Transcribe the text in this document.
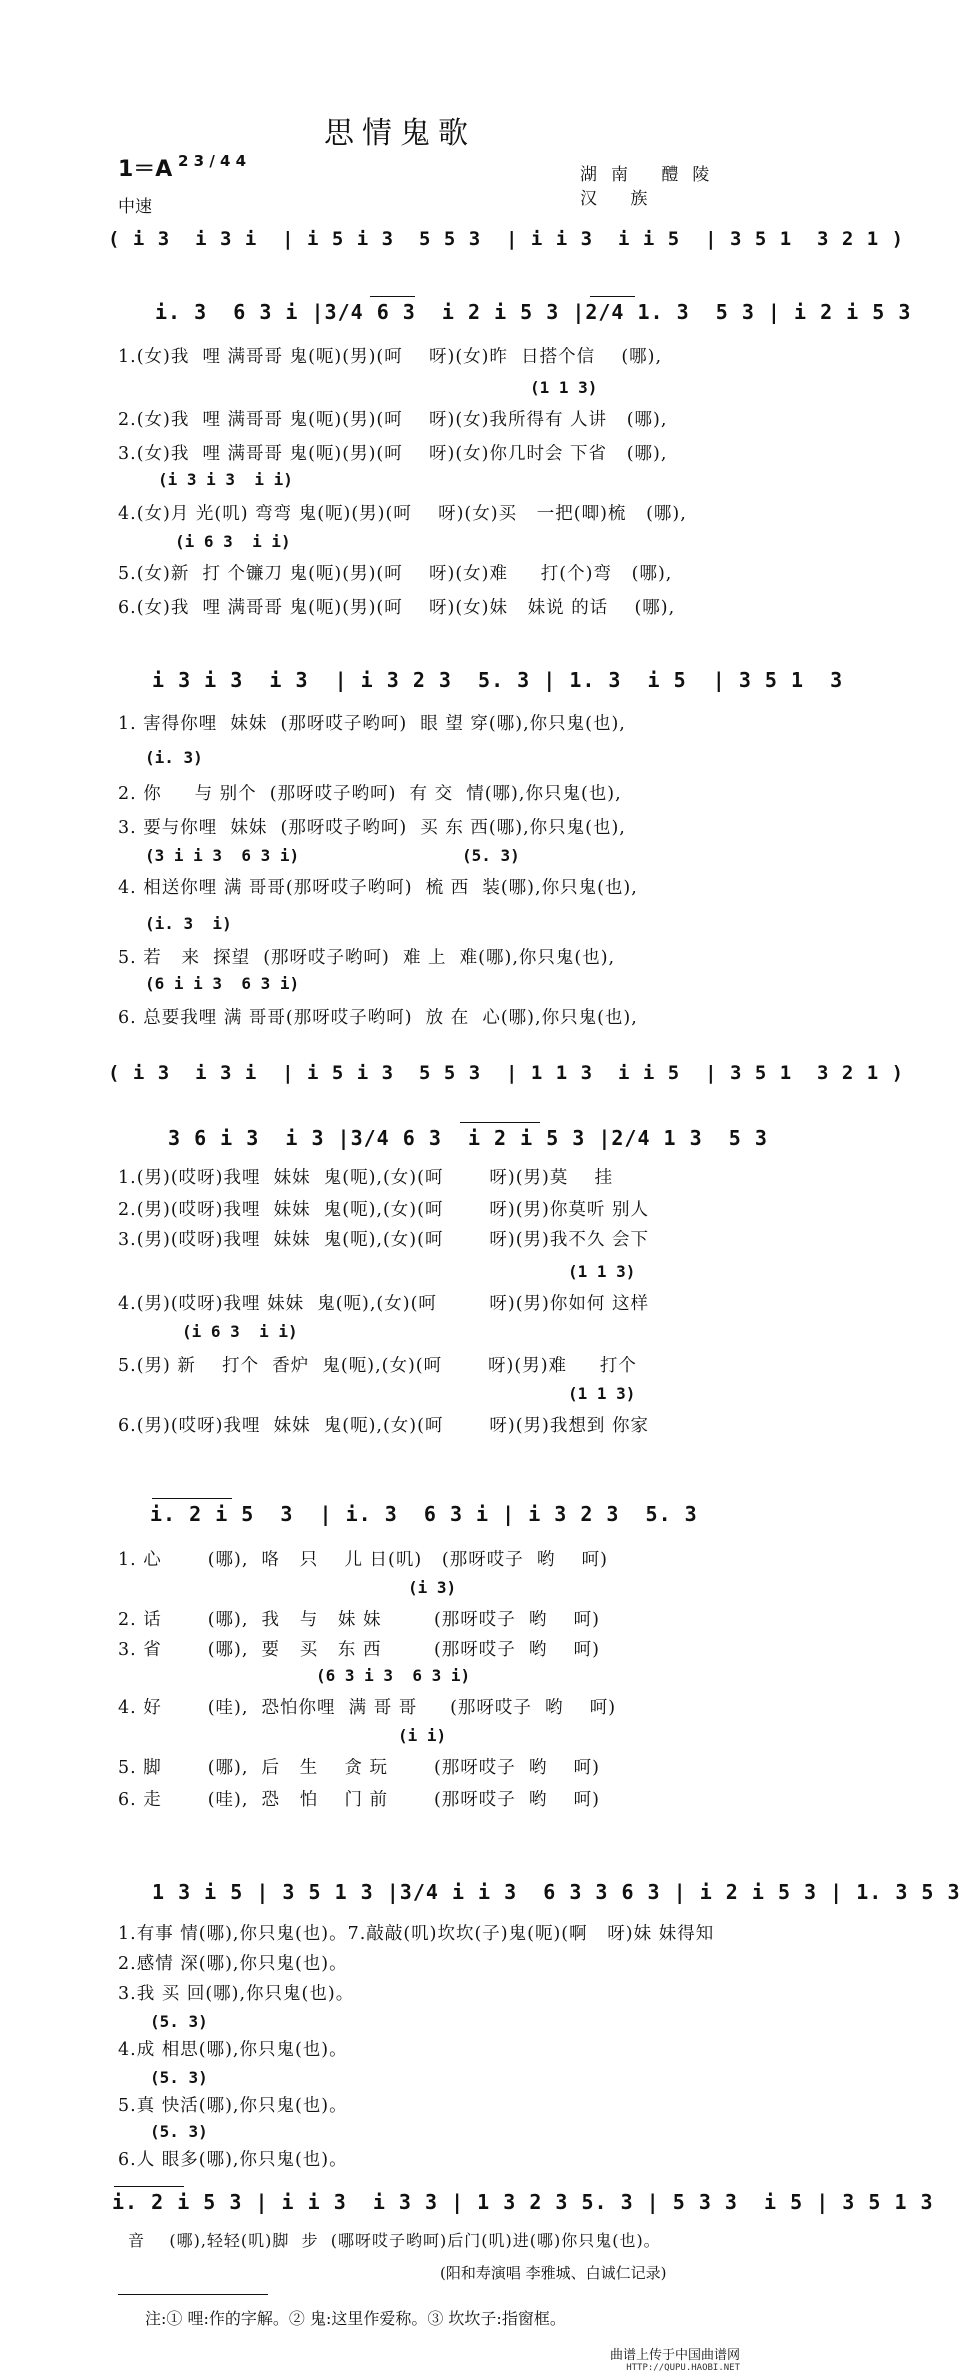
思情鬼歌
1＝A 2 3 / 4 4
中速
湖南 醴陵
汉 族
( i 3  i 3 i  | i 5 i 3  5 5 3  | i i 3  i i 5  | 3 5 1  3 2 1 )
i. 3  6 3 i |3/4 6 3  i 2 i 5 3 |2/4 1. 3  5 3 | i 2 i 5 3
1.(女)我  哩 满哥哥 鬼(呃)(男)(呵    呀)(女)昨  日搭个信    (哪),
(1 1 3)
2.(女)我  哩 满哥哥 鬼(呃)(男)(呵    呀)(女)我所得有 人讲   (哪),
3.(女)我  哩 满哥哥 鬼(呃)(男)(呵    呀)(女)你几时会 下省   (哪),
(i 3 i 3  i i)
4.(女)月 光(叽) 弯弯 鬼(呃)(男)(呵    呀)(女)买   一把(唧)梳   (哪),
(i 6 3  i i)
5.(女)新  打 个镰刀 鬼(呃)(男)(呵    呀)(女)难     打(个)弯   (哪),
6.(女)我  哩 满哥哥 鬼(呃)(男)(呵    呀)(女)妹   妹说 的话    (哪),
i 3 i 3  i 3  | i 3 2 3  5. 3 | 1. 3  i 5  | 3 5 1  3
1. 害得你哩  妹妹  (那呀哎子哟呵)  眼 望 穿(哪),你只鬼(也),
(i. 3)
2. 你     与 别个  (那呀哎子哟呵)  有 交  情(哪),你只鬼(也),
3. 要与你哩  妹妹  (那呀哎子哟呵)  买 东 西(哪),你只鬼(也),
(3 i i 3  6 3 i)	(5. 3)
4. 相送你哩 满 哥哥(那呀哎子哟呵)  梳 西  装(哪),你只鬼(也),
(i. 3  i)
5. 若   来  探望  (那呀哎子哟呵)  难 上  难(哪),你只鬼(也),
(6 i i 3  6 3 i)
6. 总要我哩 满 哥哥(那呀哎子哟呵)  放 在  心(哪),你只鬼(也),
( i 3  i 3 i  | i 5 i 3  5 5 3  | 1 1 3  i i 5  | 3 5 1  3 2 1 )
3 6 i 3  i 3 |3/4 6 3  i 2 i 5 3 |2/4 1 3  5 3
1.(男)(哎呀)我哩  妹妹  鬼(呃),(女)(呵       呀)(男)莫    挂
2.(男)(哎呀)我哩  妹妹  鬼(呃),(女)(呵       呀)(男)你莫听 别人
3.(男)(哎呀)我哩  妹妹  鬼(呃),(女)(呵       呀)(男)我不久 会下
(1 1 3)
4.(男)(哎呀)我哩 妹妹  鬼(呃),(女)(呵        呀)(男)你如何 这样
(i 6 3  i i)
5.(男) 新    打个  香炉  鬼(呃),(女)(呵       呀)(男)难     打个
(1 1 3)
6.(男)(哎呀)我哩  妹妹  鬼(呃),(女)(呵       呀)(男)我想到 你家
i. 2 i 5  3  | i. 3  6 3 i | i 3 2 3  5. 3
1. 心       (哪),  咯   只    儿 日(叽)   (那呀哎子  哟    呵)
(i 3)
2. 话       (哪),  我   与   妹 妹        (那呀哎子  哟    呵)
3. 省       (哪),  要   买   东 西        (那呀哎子  哟    呵)
(6 3 i 3  6 3 i)
4. 好       (哇),  恐怕你哩  满 哥 哥     (那呀哎子  哟    呵)
(i i)
5. 脚       (哪),  后   生    贪 玩       (那呀哎子  哟    呵)
6. 走       (哇),  恐   怕    门 前       (那呀哎子  哟    呵)
1 3 i 5 | 3 5 1 3 |3/4 i i 3  6 3 3 6 3 | i 2 i 5 3 | 1. 3 5 3
1.有事 情(哪),你只鬼(也)。7.敲敲(叽)坎坎(子)鬼(呃)(啊   呀)妹 妹得知
2.感情 深(哪),你只鬼(也)。
3.我 买 回(哪),你只鬼(也)。
(5. 3)
4.成 相思(哪),你只鬼(也)。
(5. 3)
5.真 快活(哪),你只鬼(也)。
(5. 3)
6.人 眼多(哪),你只鬼(也)。
i. 2 i 5 3 | i i 3  i 3 3 | 1 3 2 3 5. 3 | 5 3 3  i 5 | 3 5 1 3
音    (哪),轻轻(叽)脚  步  (哪呀哎子哟呵)后门(叽)进(哪)你只鬼(也)。
(阳和寿演唱 李雅城、白诚仁记录)
注:① 哩:作的字解。② 鬼:这里作爱称。③ 坎坎子:指窗框。
曲谱上传于中国曲谱网
HTTP://QUPU.HAOBI.NET
